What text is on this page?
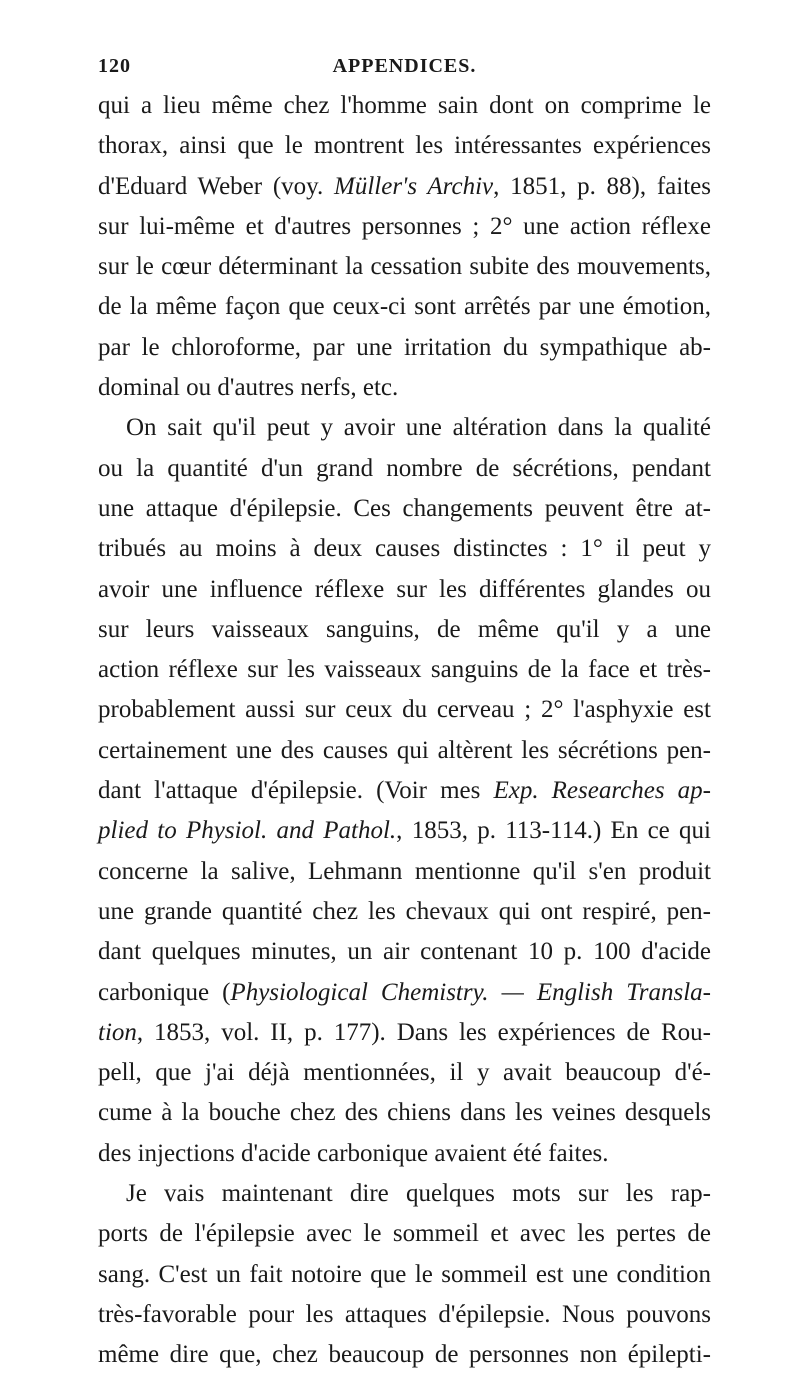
120	APPENDICES.
qui a lieu même chez l'homme sain dont on comprime le
thorax, ainsi que le montrent les intéressantes expériences
d'Eduard Weber (voy. Müller's Archiv, 1851, p. 88), faites
sur lui-même et d'autres personnes ; 2° une action réflexe
sur le cœur déterminant la cessation subite des mouvements,
de la même façon que ceux-ci sont arrêtés par une émotion,
par le chloroforme, par une irritation du sympathique ab-
dominal ou d'autres nerfs, etc.
On sait qu'il peut y avoir une altération dans la qualité
ou la quantité d'un grand nombre de sécrétions, pendant
une attaque d'épilepsie. Ces changements peuvent être at-
tribués au moins à deux causes distinctes : 1° il peut y
avoir une influence réflexe sur les différentes glandes ou
sur leurs vaisseaux sanguins, de même qu'il y a une
action réflexe sur les vaisseaux sanguins de la face et très-
probablement aussi sur ceux du cerveau ; 2° l'asphyxie est
certainement une des causes qui altèrent les sécrétions pen-
dant l'attaque d'épilepsie. (Voir mes Exp. Researches ap-
plied to Physiol. and Pathol., 1853, p. 113-114.) En ce qui
concerne la salive, Lehmann mentionne qu'il s'en produit
une grande quantité chez les chevaux qui ont respiré, pen-
dant quelques minutes, un air contenant 10 p. 100 d'acide
carbonique (Physiological Chemistry. — English Transla-
tion, 1853, vol. II, p. 177). Dans les expériences de Rou-
pell, que j'ai déjà mentionnées, il y avait beaucoup d'é-
cume à la bouche chez des chiens dans les veines desquels
des injections d'acide carbonique avaient été faites.
Je vais maintenant dire quelques mots sur les rap-
ports de l'épilepsie avec le sommeil et avec les pertes de
sang. C'est un fait notoire que le sommeil est une condition
très-favorable pour les attaques d'épilepsie. Nous pouvons
même dire que, chez beaucoup de personnes non épilepti-
